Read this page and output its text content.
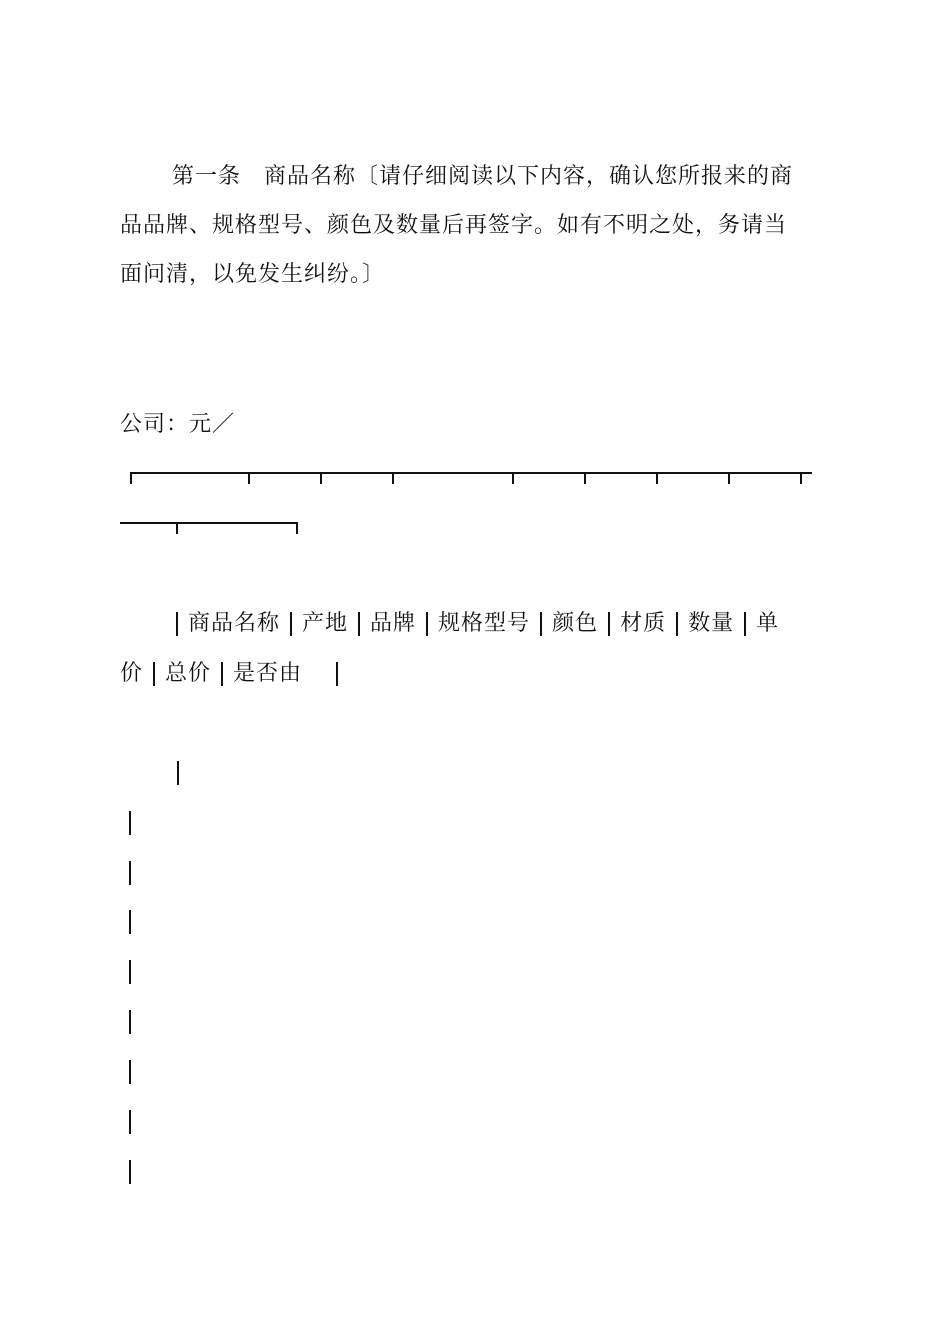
第一条　商品名称〔请仔细阅读以下内容，确认您所报来的商
品品牌、规格型号、颜色及数量后再签字。如有不明之处，务请当
面问清，以免发生纠纷。〕
公司：元／
商品名称 产地 品牌 规格型号 颜色 材质 数量 单
价 总价 是否由
